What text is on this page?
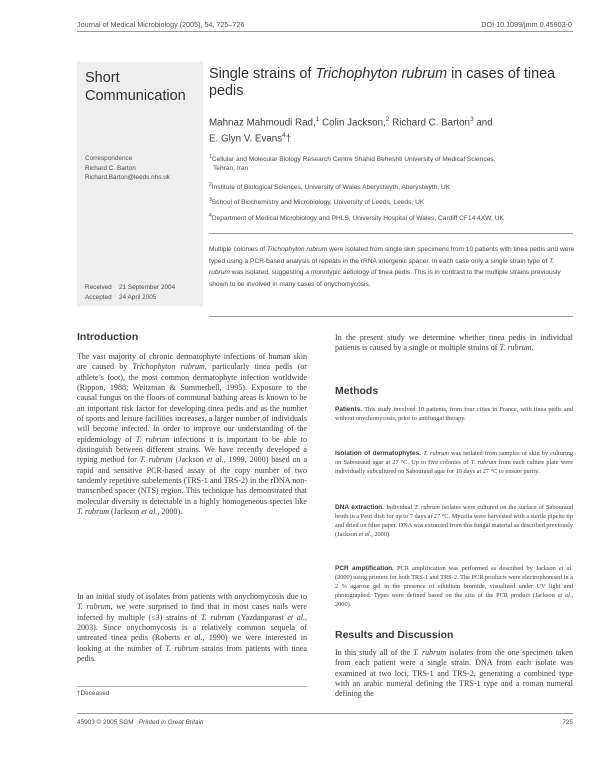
Journal of Medical Microbiology (2005), 54, 725–726	DOI 10.1099/jmm.0.45903-0
Short
Communication
Correspondence
Richard C. Barton
Richard.Barton@leeds.nhs.uk
Received 21 September 2004
Accepted 24 April 2005
Single strains of Trichophyton rubrum in cases of tinea pedis
Mahnaz Mahmoudi Rad,$^1$ Colin Jackson,$^2$ Richard C. Barton$^3$ and
E. Glyn V. Evans$^4$†
$^1$Cellular and Molecular Biology Research Centre Shahid Beheshti University of Medical Sciences,
Tehran, Iran
$^2$Institute of Biological Sciences, University of Wales Aberystwyth, Aberystwyth, UK
$^3$School of Biochemistry and Microbiology, University of Leeds, Leeds, UK
$^4$Department of Medical Microbiology and PHLS, University Hospital of Wales, Cardiff CF14 4XW, UK
Multiple colonies of Trichophyton rubrum were isolated from single skin specimens from 10 patients with tinea pedis and were typed using a PCR-based analysis of repeats in the rRNA intergenic spacer. In each case only a single strain type of T. rubrum was isolated, suggesting a monotypic aetiology of tinea pedis. This is in contrast to the multiple strains previously shown to be involved in many cases of onychomycosis.
Introduction
The vast majority of chronic dermatophyte infections of human skin are caused by Trichophyton rubrum, particularly tinea pedis (or athlete’s foot), the most common dermatophyte infection worldwide (Rippon, 1988; Weitzman & Summerbell, 1995). Exposure to the causal fungus on the floors of communal bathing areas is known to be an important risk factor for developing tinea pedis and as the number of sports and leisure facilities increases, a larger number of individuals will become infected. In order to improve our understanding of the epidemiology of T. rubrum infections it is important to be able to distinguish between different strains. We have recently developed a typing method for T. rubrum (Jackson et al., 1999, 2000) based on a rapid and sensitive PCR-based assay of the copy number of two tandemly repetitive subelements (TRS-1 and TRS-2) in the rDNA non-transcribed spacer (NTS) region. This technique has demonstrated that molecular diversity is detectable in a highly homogeneous species like T. rubrum (Jackson et al., 2000).
In an initial study of isolates from patients with onychomycosis due to T. rubrum, we were surprised to find that in most cases nails were infected by multiple (≤3) strains of T. rubrum (Yazdanparast et al., 2003). Since onychomycosis is a relatively common sequela of untreated tinea pedis (Roberts et al., 1990) we were interested in looking at the number of T. rubrum strains from patients with tinea pedis.
†Deceased
In the present study we determine whether tinea pedis in individual patients is caused by a single or multiple strains of T. rubrum.
Methods
Patients. This study involved 10 patients, from four cities in France, with tinea pedis and without onychomycosis, prior to antifungal therapy.
Isolation of dermatophytes. T. rubrum was isolated from samples of skin by culturing on Sabouraud agar at 27 °C. Up to five colonies of T. rubrum from each culture plate were individually subcultured on Sabouraud agar for 10 days at 27 °C to ensure purity.
DNA extraction. Individual T. rubrum isolates were cultured on the surface of Sabouraud broth in a Petri dish for up to 7 days at 27 °C. Mycelia were harvested with a sterile pipette tip and dried on filter paper. DNA was extracted from this fungal material as described previously (Jackson et al., 2000).
PCR amplification. PCR amplification was performed as described by Jackson et al. (2000) using primers for both TRS-1 and TRS-2. The PCR products were electrophoresed in a 2 % agarose gel in the presence of ethidium bromide, visualized under UV light and photographed. Types were defined based on the size of the PCR product (Jackson et al., 2000).
Results and Discussion
In this study all of the T. rubrum isolates from the one specimen taken from each patient were a single strain. DNA from each isolate was examined at two loci, TRS-1 and TRS-2, generating a combined type with an arabic numeral defining the TRS-1 type and a roman numeral defining the
45903 © 2005 SGM Printed in Great Britain	725
